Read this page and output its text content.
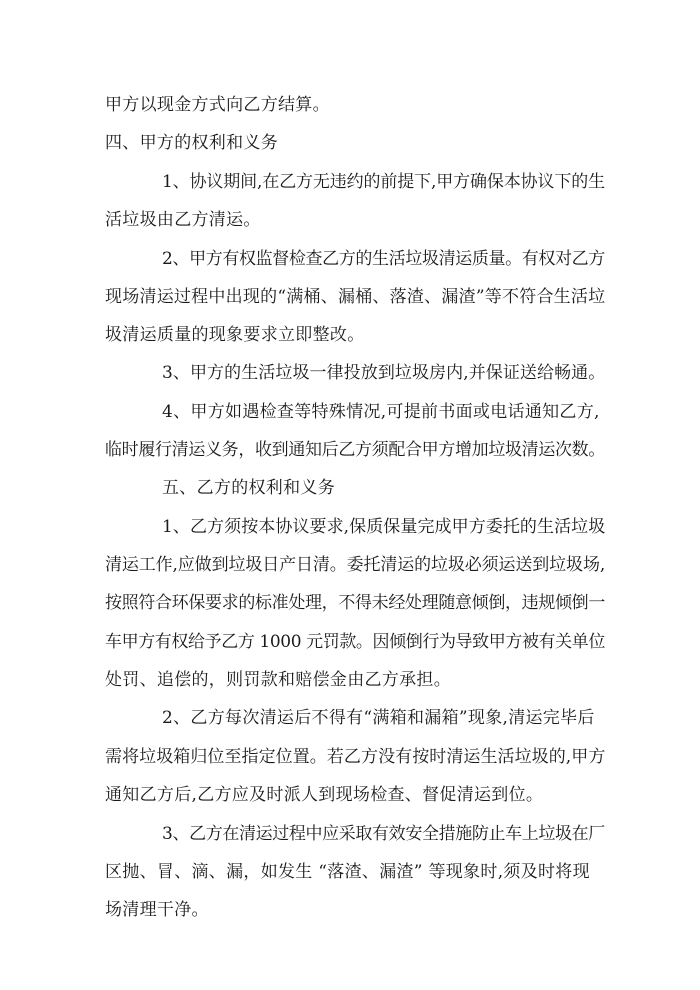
甲方以现金方式向乙方结算。
四、甲方的权利和义务
1、协议期间,在乙方无违约的前提下,甲方确保本协议下的生
活垃圾由乙方清运。
2、甲方有权监督检查乙方的生活垃圾清运质量。有权对乙方
现场清运过程中出现的“满桶、漏桶、落渣、漏渣”等不符合生活垃
圾清运质量的现象要求立即整改。
3、甲方的生活垃圾一律投放到垃圾房内,并保证送给畅通。
4、甲方如遇检查等特殊情况,可提前书面或电话通知乙方,
临时履行清运义务，收到通知后乙方须配合甲方增加垃圾清运次数。
五、乙方的权利和义务
1、乙方须按本协议要求,保质保量完成甲方委托的生活垃圾
清运工作,应做到垃圾日产日清。委托清运的垃圾必须运送到垃圾场,
按照符合环保要求的标准处理，不得未经处理随意倾倒，违规倾倒一
车甲方有权给予乙方 1000 元罚款。因倾倒行为导致甲方被有关单位
处罚、追偿的，则罚款和赔偿金由乙方承担。
2、乙方每次清运后不得有“满箱和漏箱”现象,清运完毕后
需将垃圾箱归位至指定位置。若乙方没有按时清运生活垃圾的,甲方
通知乙方后,乙方应及时派人到现场检查、督促清运到位。
3、乙方在清运过程中应采取有效安全措施防止车上垃圾在厂
区抛、冒、滴、漏，如发生 “落渣、漏渣” 等现象时,须及时将现
场清理干净。
